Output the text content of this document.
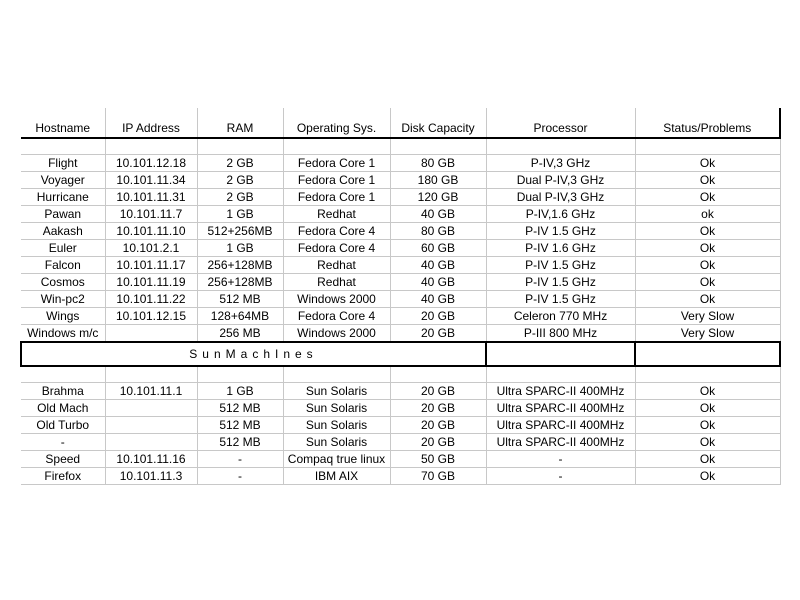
Hostname	IP Address	RAM	Operating Sys.	Disk Capacity	Processor	Status/Problems

Flight	10.101.12.18	2 GB	Fedora Core 1	80 GB	P-IV,3 GHz	Ok
Voyager	10.101.11.34	2 GB	Fedora Core 1	180 GB	Dual P-IV,3 GHz	Ok
Hurricane	10.101.11.31	2 GB	Fedora Core 1	120 GB	Dual P-IV,3 GHz	Ok
Pawan	10.101.11.7	1 GB	Redhat	40 GB	P-IV,1.6 GHz	ok
Aakash	10.101.11.10	512+256MB	Fedora Core 4	80 GB	P-IV 1.5 GHz	Ok
Euler	10.101.2.1	1 GB	Fedora Core 4	60 GB	P-IV 1.6 GHz	Ok
Falcon	10.101.11.17	256+128MB	Redhat	40 GB	P-IV 1.5 GHz	Ok
Cosmos	10.101.11.19	256+128MB	Redhat	40 GB	P-IV 1.5 GHz	Ok
Win-pc2	10.101.11.22	512 MB	Windows 2000	40 GB	P-IV 1.5 GHz	Ok
Wings	10.101.12.15	128+64MB	Fedora Core 4	20 GB	Celeron 770 MHz	Very Slow
Windows m/c		256 MB	Windows 2000	20 GB	P-III 800 MHz	Very Slow
SunMachInes						

Brahma	10.101.11.1	1 GB	Sun Solaris	20 GB	Ultra SPARC-II 400MHz	Ok
Old Mach		512 MB	Sun Solaris	20 GB	Ultra SPARC-II 400MHz	Ok
Old Turbo		512 MB	Sun Solaris	20 GB	Ultra SPARC-II 400MHz	Ok
-		512 MB	Sun Solaris	20 GB	Ultra SPARC-II 400MHz	Ok
Speed	10.101.11.16	-	Compaq true linux	50 GB	-	Ok
Firefox	10.101.11.3	-	IBM AIX	70 GB	-	Ok
